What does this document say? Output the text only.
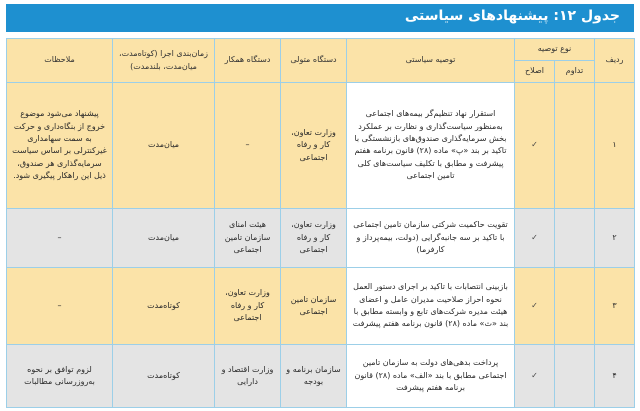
جدول ۱۲: پیشنهادهای سیاستی
ردیف	نوع توصیه		توصیه سیاستی	دستگاه متولی	دستگاه همکار	زمان‌بندی اجرا (کوتاه‌مدت، میان‌مدت، بلندمدت)	ملاحظات
	تداوم	اصلاح					
۱		✓	استقرار نهاد تنظیم‌گر بیمه‌های اجتماعی به‌منظور سیاست‌گذاری و نظارت بر عملکرد بخش سرمایه‌گذاری صندوق‌های بازنشستگی با تاکید بر بند «پ» ماده (۲۸) قانون برنامه هفتم پیشرفت و مطابق با تکلیف سیاست‌های کلی تامین اجتماعی	وزارت تعاون، کار و رفاه اجتماعی	–	میان‌مدت	پیشنهاد می‌شود موضوع خروج از بنگاه‌داری و حرکت به سمت سهامداری غیرکنترلی بر اساس سیاست سرمایه‌گذاری هر صندوق، ذیل این راهکار پیگیری شود.
۲		✓	تقویت حاکمیت شرکتی سازمان تامین اجتماعی با تاکید بر سه جانبه‌گرایی (دولت، بیمه‌پرداز و کارفرما)	وزارت تعاون، کار و رفاه اجتماعی	هیئت امنای سازمان تامین اجتماعی	میان‌مدت	–
۳		✓	بازبینی انتصابات با تاکید بر اجرای دستور العمل نحوه احراز صلاحیت مدیران عامل و اعضای هیئت مدیره شرکت‌های تابع و وابسته مطابق با بند «ث» ماده (۲۸) قانون برنامه هفتم پیشرفت	سازمان تامین اجتماعی	وزارت تعاون، کار و رفاه اجتماعی	کوتاه‌مدت	–
۴		✓	پرداخت بدهی‌های دولت به سازمان تامین اجتماعی مطابق با بند «الف» ماده (۲۸) قانون برنامه هفتم پیشرفت	سازمان برنامه و بودجه	وزارت اقتصاد و دارایی	کوتاه‌مدت	لزوم توافق بر نحوه به‌روزرسانی مطالبات
